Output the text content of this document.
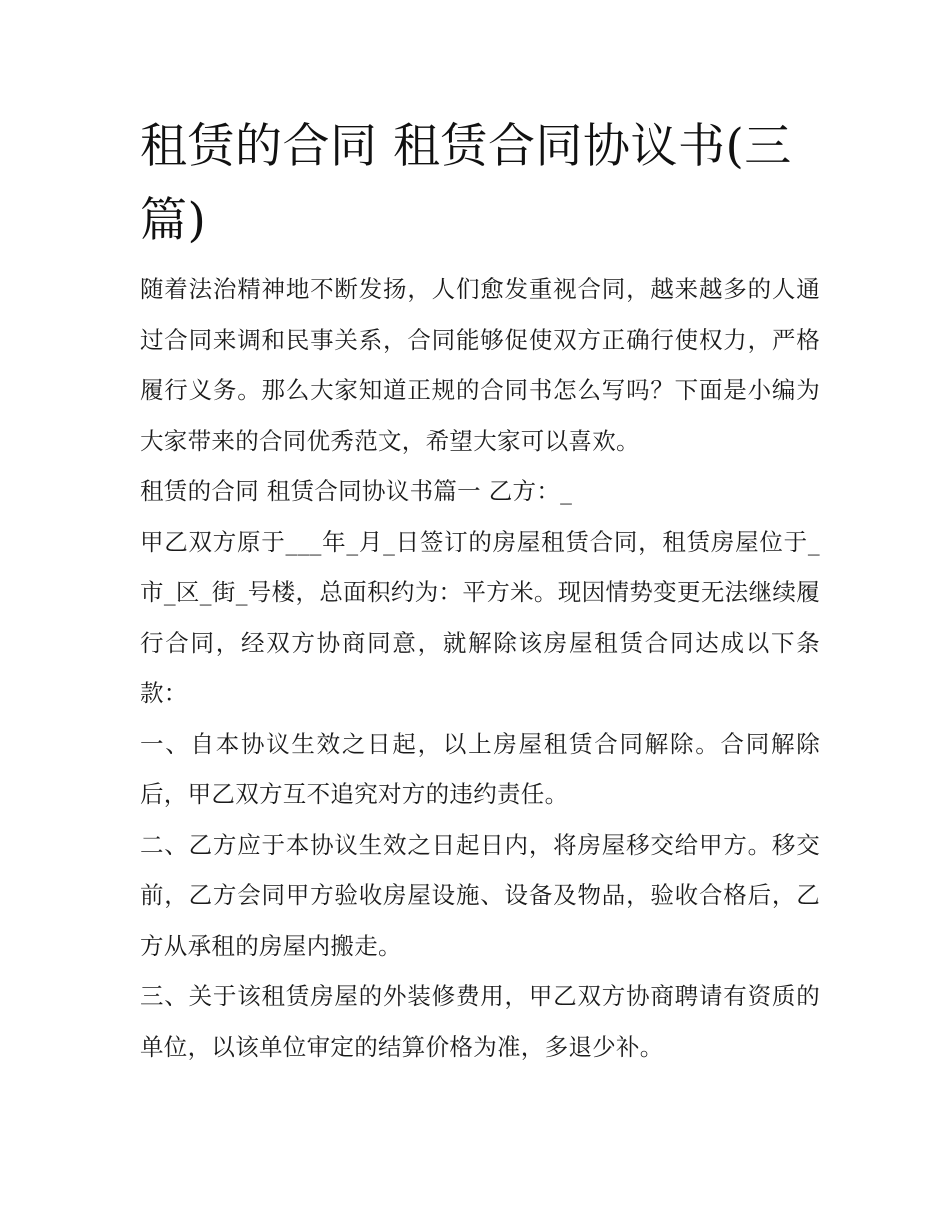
租赁的合同 租赁合同协议书(三篇)

随着法治精神地不断发扬，人们愈发重视合同，越来越多的人通过合同来调和民事关系，合同能够促使双方正确行使权力，严格履行义务。那么大家知道正规的合同书怎么写吗？下面是小编为大家带来的合同优秀范文，希望大家可以喜欢。

租赁的合同 租赁合同协议书篇一 乙方：_

甲乙双方原于___年_月_日签订的房屋租赁合同，租赁房屋位于_市_区_街_号楼，总面积约为：平方米。现因情势变更无法继续履行合同，经双方协商同意，就解除该房屋租赁合同达成以下条款：

一、自本协议生效之日起，以上房屋租赁合同解除。合同解除后，甲乙双方互不追究对方的违约责任。

二、乙方应于本协议生效之日起日内，将房屋移交给甲方。移交前，乙方会同甲方验收房屋设施、设备及物品，验收合格后，乙方从承租的房屋内搬走。

三、关于该租赁房屋的外装修费用，甲乙双方协商聘请有资质的单位，以该单位审定的结算价格为准，多退少补。
